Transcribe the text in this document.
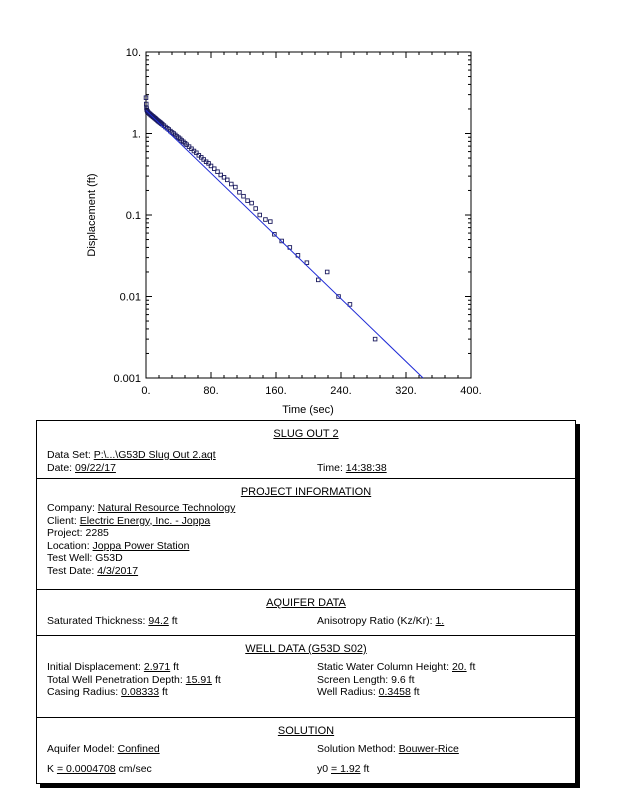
0.	80.	160.	240.	320.	400.
0.001
0.01
0.1
1.
10.
Time (sec)
Displacement (ft)
SLUG OUT 2
Data Set: P:\...\G53D Slug Out 2.aqt
Date: 09/22/17	Time: 14:38:38
PROJECT INFORMATION
Company: Natural Resource Technology
Client: Electric Energy, Inc. - Joppa
Project: 2285
Location: Joppa Power Station
Test Well: G53D
Test Date: 4/3/2017
AQUIFER DATA
Saturated Thickness: 94.2 ft	Anisotropy Ratio (Kz/Kr): 1.
WELL DATA (G53D S02)
Initial Displacement: 2.971 ft	Static Water Column Height: 20. ft
Total Well Penetration Depth: 15.91 ft	Screen Length: 9.6 ft
Casing Radius: 0.08333 ft	Well Radius: 0.3458 ft
SOLUTION
Aquifer Model: Confined	Solution Method: Bouwer-Rice
K = 0.0004708 cm/sec	y0 = 1.92 ft
